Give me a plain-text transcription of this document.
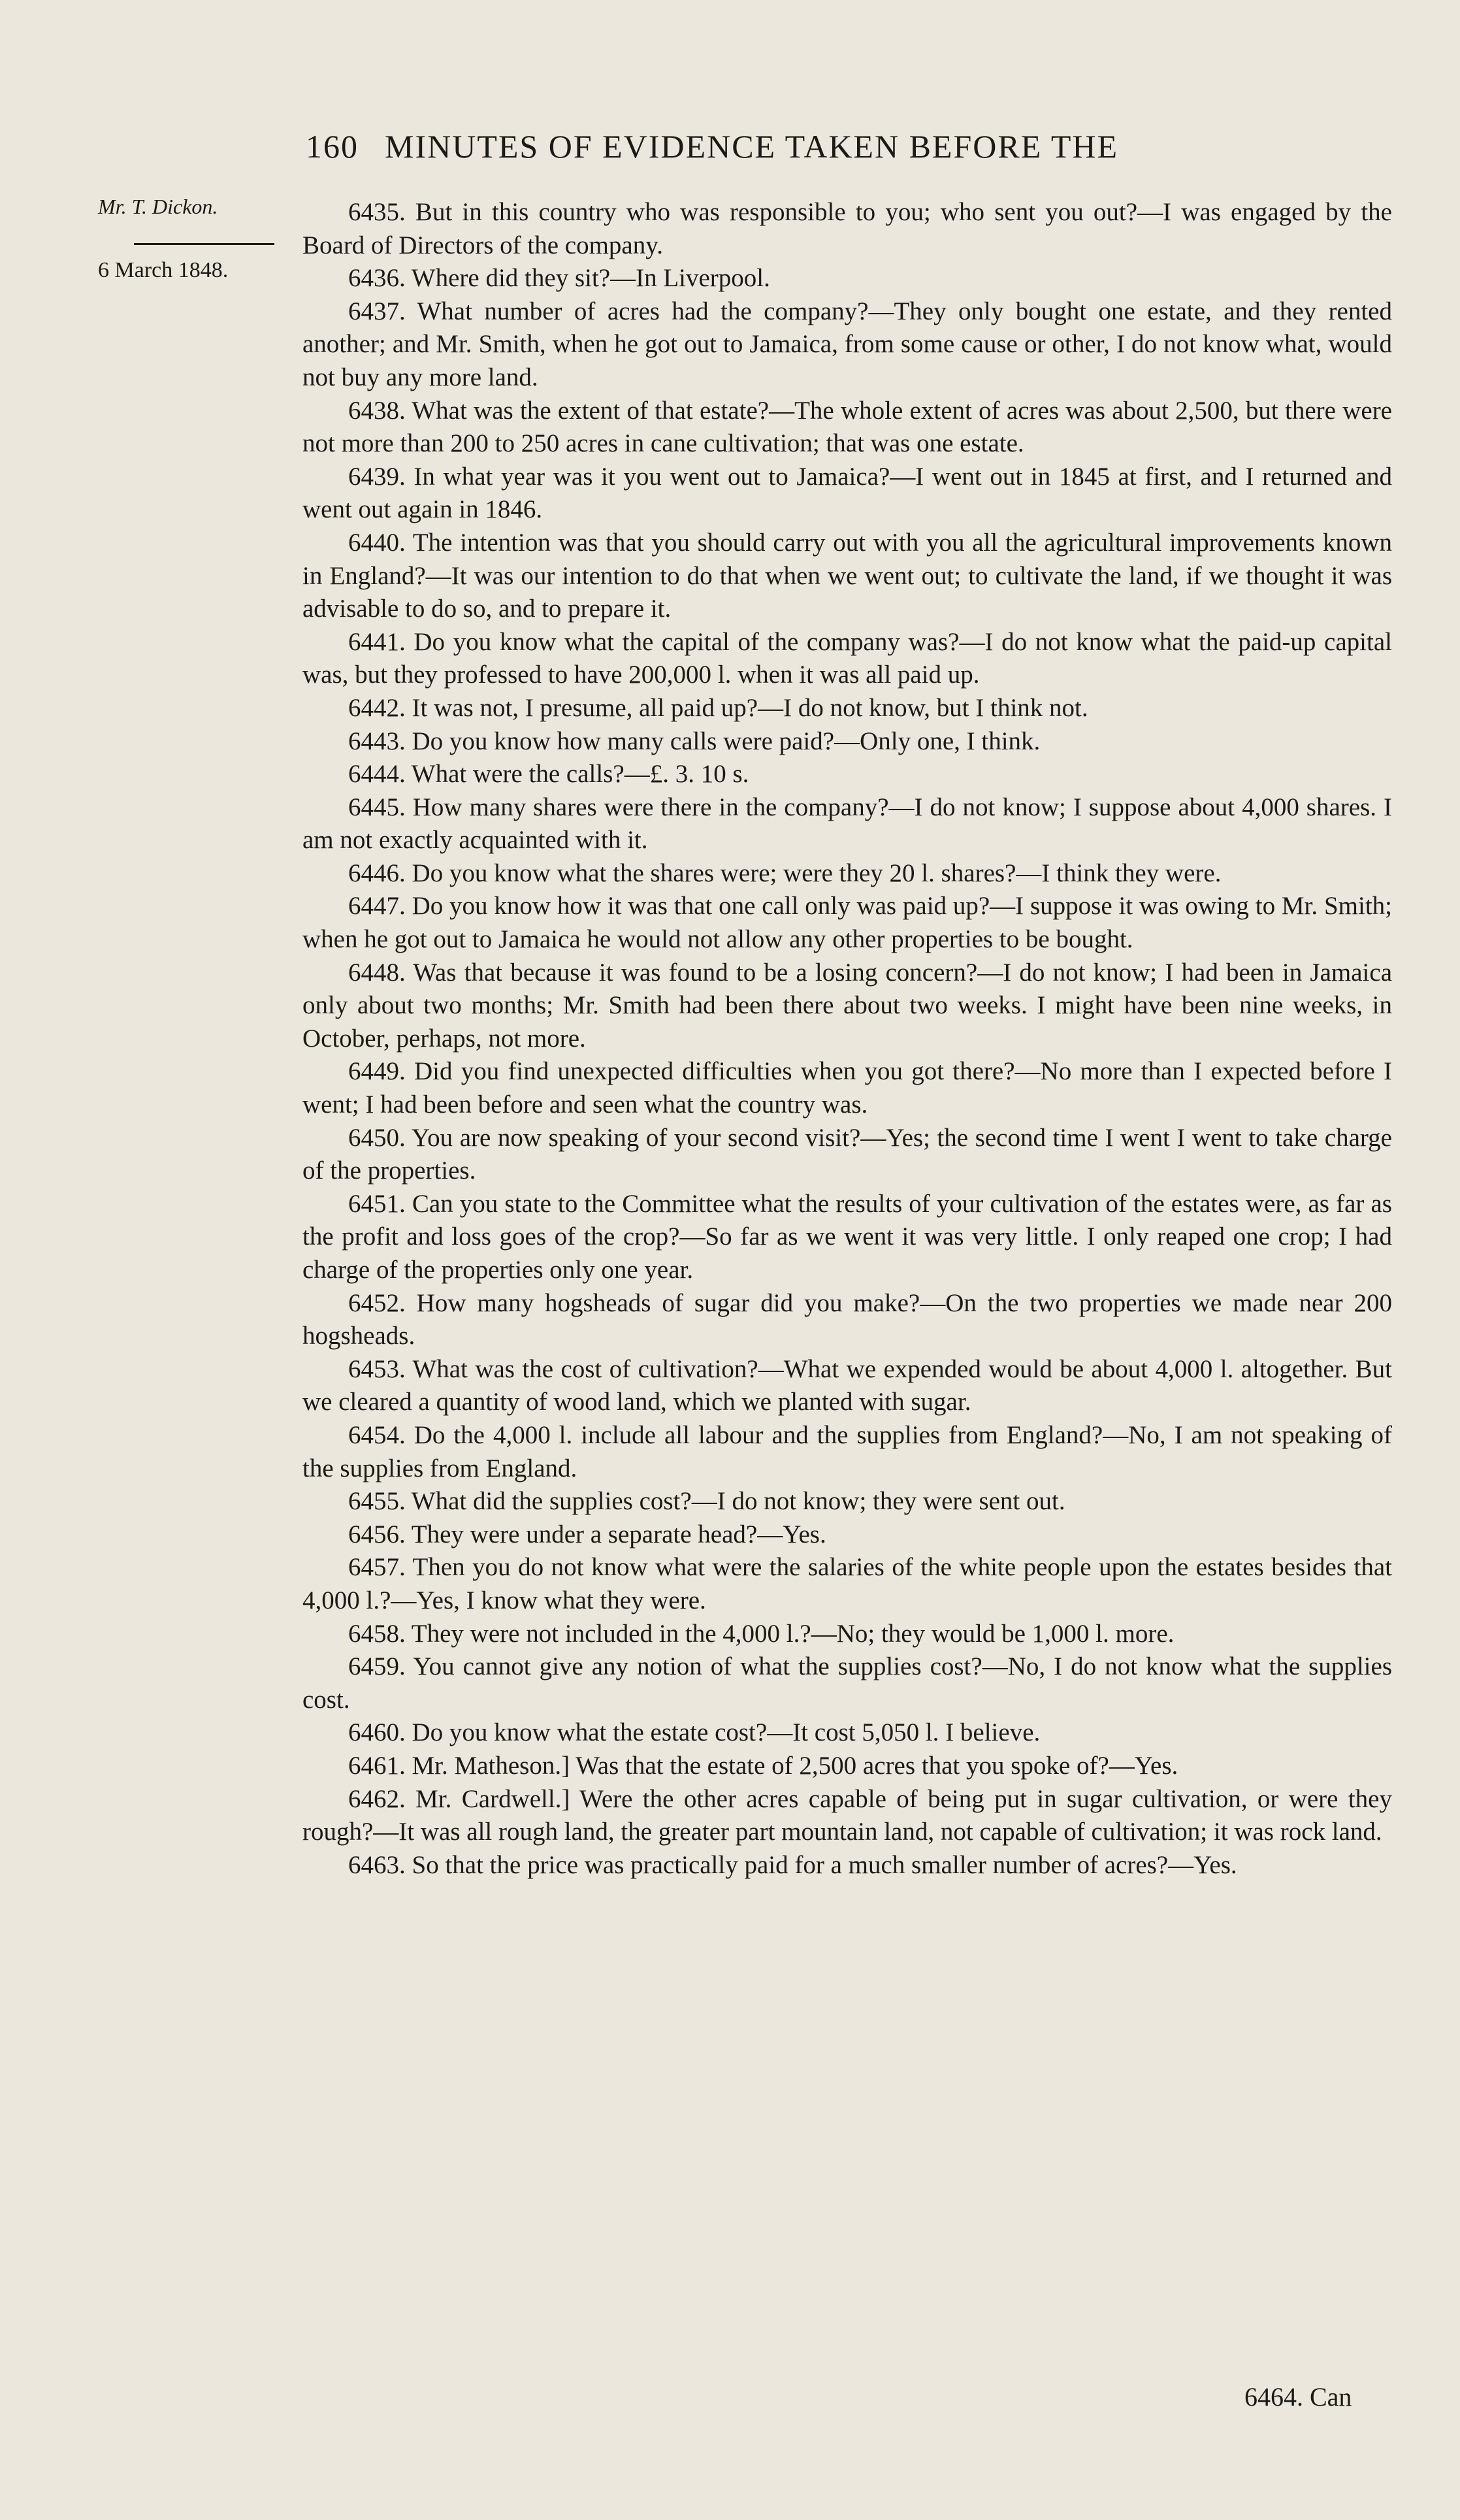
160 MINUTES OF EVIDENCE TAKEN BEFORE THE
Mr. T. Dickon.
6 March 1848.

6435. But in this country who was responsible to you; who sent you out?—I was engaged by the Board of Directors of the company.

6436. Where did they sit?—In Liverpool.

6437. What number of acres had the company?—They only bought one estate, and they rented another; and Mr. Smith, when he got out to Jamaica, from some cause or other, I do not know what, would not buy any more land.

6438. What was the extent of that estate?—The whole extent of acres was about 2,500, but there were not more than 200 to 250 acres in cane cultivation; that was one estate.

6439. In what year was it you went out to Jamaica?—I went out in 1845 at first, and I returned and went out again in 1846.

6440. The intention was that you should carry out with you all the agricultural improvements known in England?—It was our intention to do that when we went out; to cultivate the land, if we thought it was advisable to do so, and to prepare it.

6441. Do you know what the capital of the company was?—I do not know what the paid-up capital was, but they professed to have 200,000 l. when it was all paid up.

6442. It was not, I presume, all paid up?—I do not know, but I think not.

6443. Do you know how many calls were paid?—Only one, I think.

6444. What were the calls?—£. 3. 10 s.

6445. How many shares were there in the company?—I do not know; I suppose about 4,000 shares. I am not exactly acquainted with it.

6446. Do you know what the shares were; were they 20 l. shares?—I think they were.

6447. Do you know how it was that one call only was paid up?—I suppose it was owing to Mr. Smith; when he got out to Jamaica he would not allow any other properties to be bought.

6448. Was that because it was found to be a losing concern?—I do not know; I had been in Jamaica only about two months; Mr. Smith had been there about two weeks. I might have been nine weeks, in October, perhaps, not more.

6449. Did you find unexpected difficulties when you got there?—No more than I expected before I went; I had been before and seen what the country was.

6450. You are now speaking of your second visit?—Yes; the second time I went I went to take charge of the properties.

6451. Can you state to the Committee what the results of your cultivation of the estates were, as far as the profit and loss goes of the crop?—So far as we went it was very little. I only reaped one crop; I had charge of the properties only one year.

6452. How many hogsheads of sugar did you make?—On the two properties we made near 200 hogsheads.

6453. What was the cost of cultivation?—What we expended would be about 4,000 l. altogether. But we cleared a quantity of wood land, which we planted with sugar.

6454. Do the 4,000 l. include all labour and the supplies from England?—No, I am not speaking of the supplies from England.

6455. What did the supplies cost?—I do not know; they were sent out.

6456. They were under a separate head?—Yes.

6457. Then you do not know what were the salaries of the white people upon the estates besides that 4,000 l.?—Yes, I know what they were.

6458. They were not included in the 4,000 l.?—No; they would be 1,000 l. more.

6459. You cannot give any notion of what the supplies cost?—No, I do not know what the supplies cost.

6460. Do you know what the estate cost?—It cost 5,050 l. I believe.

6461. Mr. Matheson.] Was that the estate of 2,500 acres that you spoke of?—Yes.

6462. Mr. Cardwell.] Were the other acres capable of being put in sugar cultivation, or were they rough?—It was all rough land, the greater part mountain land, not capable of cultivation; it was rock land.

6463. So that the price was practically paid for a much smaller number of acres?—Yes.

6464. Can
